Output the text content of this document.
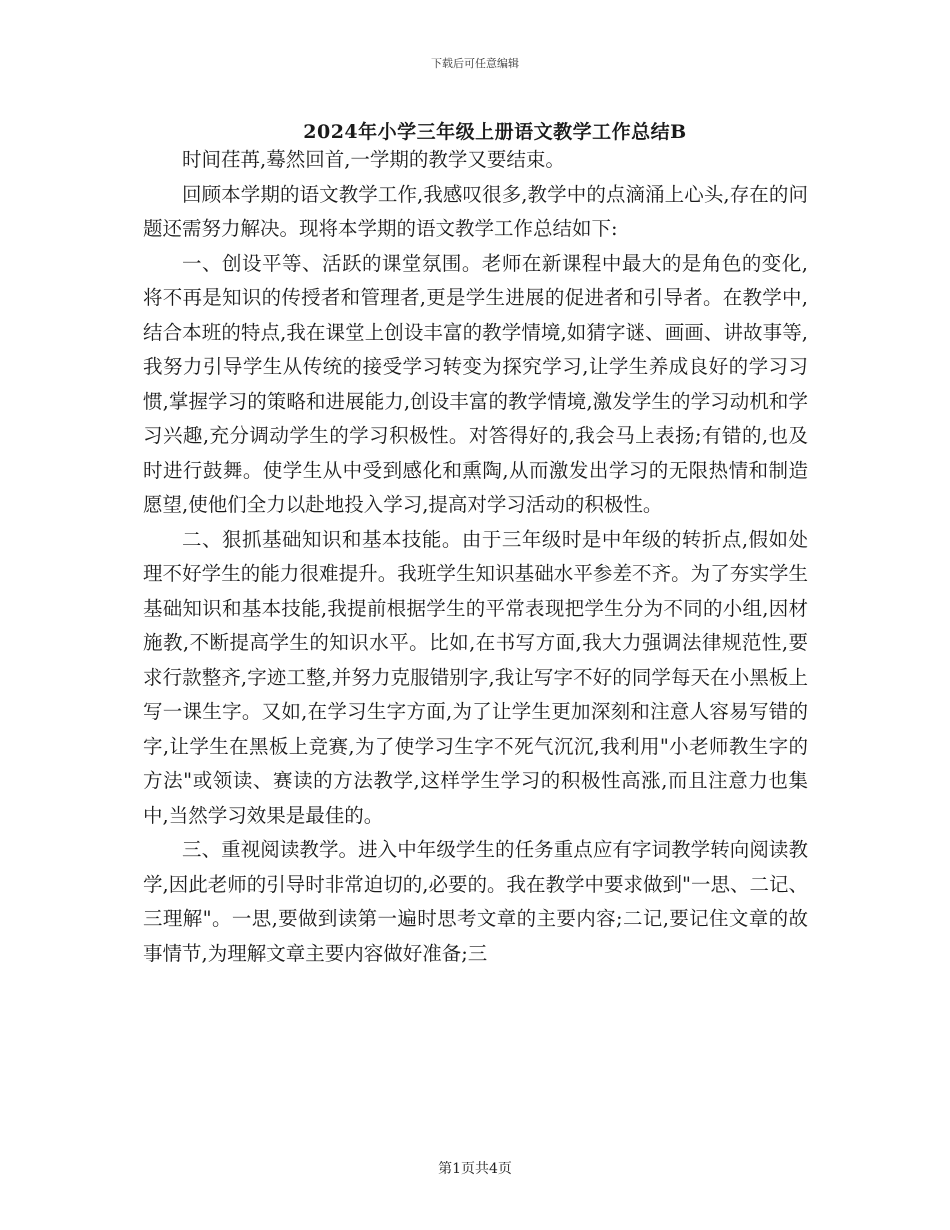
下载后可任意编辑
2024年小学三年级上册语文教学工作总结B

时间荏苒,蓦然回首,一学期的教学又要结束。

回顾本学期的语文教学工作,我感叹很多,教学中的点滴涌上心头,存在的问题还需努力解决。现将本学期的语文教学工作总结如下:

一、创设平等、活跃的课堂氛围。老师在新课程中最大的是角色的变化,将不再是知识的传授者和管理者,更是学生进展的促进者和引导者。在教学中,结合本班的特点,我在课堂上创设丰富的教学情境,如猜字谜、画画、讲故事等,我努力引导学生从传统的接受学习转变为探究学习,让学生养成良好的学习习惯,掌握学习的策略和进展能力,创设丰富的教学情境,激发学生的学习动机和学习兴趣,充分调动学生的学习积极性。对答得好的,我会马上表扬;有错的,也及时进行鼓舞。使学生从中受到感化和熏陶,从而激发出学习的无限热情和制造愿望,使他们全力以赴地投入学习,提高对学习活动的积极性。

二、狠抓基础知识和基本技能。由于三年级时是中年级的转折点,假如处理不好学生的能力很难提升。我班学生知识基础水平参差不齐。为了夯实学生基础知识和基本技能,我提前根据学生的平常表现把学生分为不同的小组,因材施教,不断提高学生的知识水平。比如,在书写方面,我大力强调法律规范性,要求行款整齐,字迹工整,并努力克服错别字,我让写字不好的同学每天在小黑板上写一课生字。又如,在学习生字方面,为了让学生更加深刻和注意人容易写错的字,让学生在黑板上竞赛,为了使学习生字不死气沉沉,我利用"小老师教生字的方法"或领读、赛读的方法教学,这样学生学习的积极性高涨,而且注意力也集中,当然学习效果是最佳的。

三、重视阅读教学。进入中年级学生的任务重点应有字词教学转向阅读教学,因此老师的引导时非常迫切的,必要的。我在教学中要求做到"一思、二记、三理解"。一思,要做到读第一遍时思考文章的主要内容;二记,要记住文章的故事情节,为理解文章主要内容做好准备;三

第1页共4页
